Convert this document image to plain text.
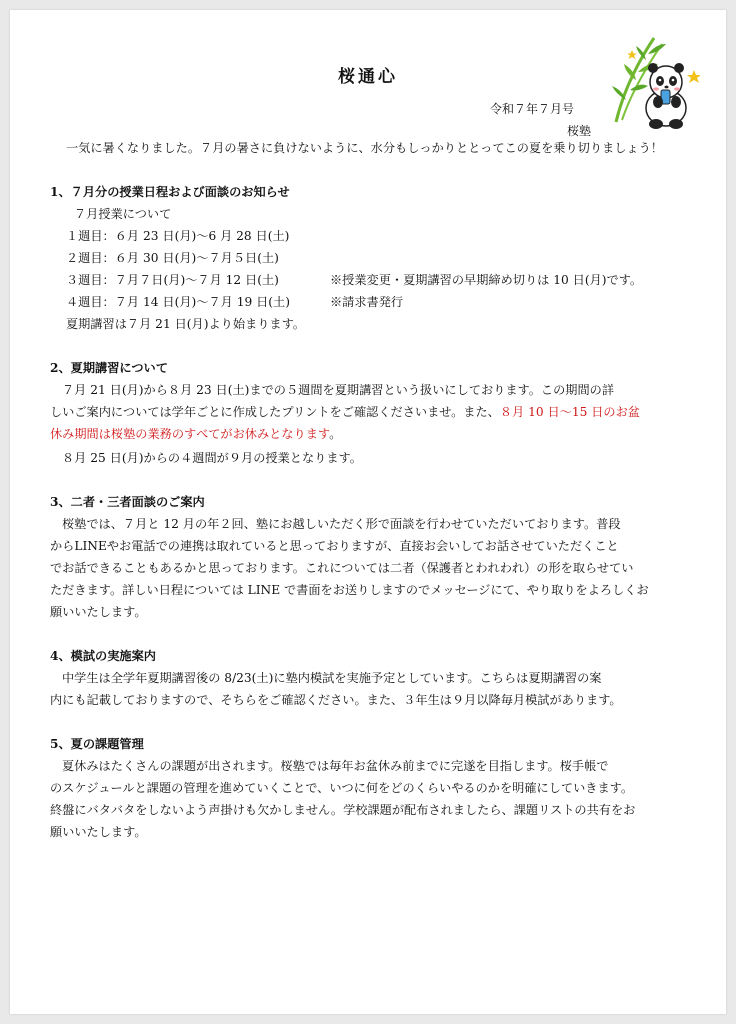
桜通心
令和７年７月号
桜塾
一気に暑くなりました。７月の暑さに負けないように、水分もしっかりととってこの夏を乗り切りましょう！
1、７月分の授業日程および面談のお知らせ
７月授業について
１週目：６月 23 日(月)～6 月 28 日(土)
２週目：６月 30 日(月)～７月５日(土)
３週目：７月７日(月)～７月 12 日(土)	※授業変更・夏期講習の早期締め切りは 10 日(月)です。
４週目：７月 14 日(月)～７月 19 日(土)	※請求書発行
夏期講習は７月 21 日(月)より始まります。
2、夏期講習について
７月 21 日(月)から８月 23 日(土)までの５週間を夏期講習という扱いにしております。この期間の詳
しいご案内については学年ごとに作成したプリントをご確認くださいませ。また、８月 10 日～15 日のお盆
休み期間は桜塾の業務のすべてがお休みとなります。
８月 25 日(月)からの４週間が９月の授業となります。
3、二者・三者面談のご案内
桜塾では、７月と 12 月の年２回、塾にお越しいただく形で面談を行わせていただいております。普段
からLINEやお電話での連携は取れていると思っておりますが、直接お会いしてお話させていただくこと
でお話できることもあるかと思っております。これについては二者（保護者とわれわれ）の形を取らせてい
ただきます。詳しい日程については LINE で書面をお送りしますのでメッセージにて、やり取りをよろしくお
願いいたします。
4、模試の実施案内
中学生は全学年夏期講習後の 8/23(土)に塾内模試を実施予定としています。こちらは夏期講習の案
内にも記載しておりますので、そちらをご確認ください。また、３年生は９月以降毎月模試があります。
5、夏の課題管理
夏休みはたくさんの課題が出されます。桜塾では毎年お盆休み前までに完遂を目指します。桜手帳で
のスケジュールと課題の管理を進めていくことで、いつに何をどのくらいやるのかを明確にしていきます。
終盤にバタバタをしないよう声掛けも欠かしません。学校課題が配布されましたら、課題リストの共有をお
願いいたします。
